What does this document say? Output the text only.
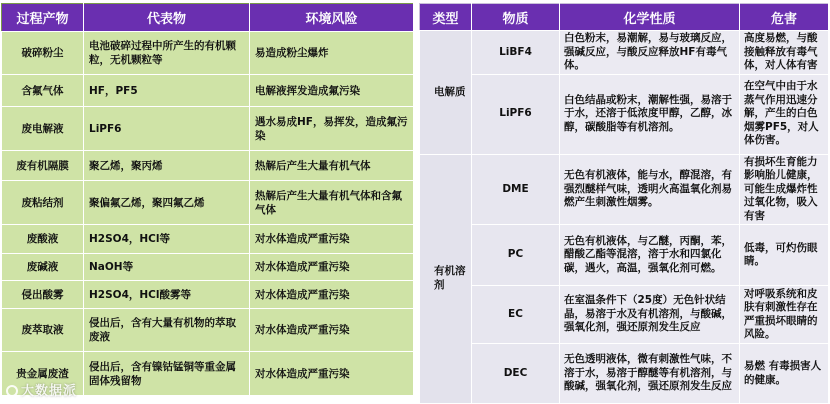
过程产物	代表物	环境风险
破碎粉尘	电池破碎过程中所产生的有机颗粒，无机颗粒等	易造成粉尘爆炸
含氟气体	HF，PF5	电解液挥发造成氟污染
废电解液	LiPF6	遇水易成HF，易挥发，造成氟污染
废有机隔膜	聚乙烯，聚丙烯	热解后产生大量有机气体
废粘结剂	聚偏氟乙烯，聚四氟乙烯	热解后产生大量有机气体和含氟气体
废酸液	H2SO4，HCl等	对水体造成严重污染
废碱液	NaOH等	对水体造成严重污染
侵出酸雾	H2SO4，HCl酸雾等	对水体造成严重污染
废萃取液	侵出后，含有大量有机物的萃取废液	对水体造成严重污染
贵金属废渣	侵出后，含有镍钴锰铜等重金属固体残留物	对水体造成严重污染
类型	物质	化学性质	危害
电解质	LiBF4	白色粉末，易潮解，易与玻璃反应，强碱反应，与酸反应释放HF有毒气体。	高度易燃，与酸接触释放有毒气体，对人体有害
	LiPF6	白色结晶或粉末，潮解性强，易溶于于水，还溶于低浓度甲醇，乙醇，冰醇，碳酸脂等有机溶剂。	在空气中由于水蒸气作用迅速分解，产生的白色烟雾PF5，对人体伤害。
有机溶剂	DME	无色有机液体，能与水，醇混溶，有强烈醚样气味，透明火高温氧化剂易燃产生刺激性烟雾。	有损坏生育能力影响胎儿健康，可能生成爆炸性过氧化物，吸入有害
	PC	无色有机液体，与乙醚，丙酮，苯，醋酸乙酯等混溶，溶于水和四氯化碳，遇火，高温，强氧化剂可燃。	低毒，可灼伤眼睛。
	EC	在室温条件下（25度）无色针状结晶，易溶于水及有机溶剂，与酸碱，强氧化剂，强还原剂发生反应	对呼吸系统和皮肤有刺激性存在严重损坏眼睛的风险。
	DEC	无色透明液体，微有刺激性气味，不溶于水，易溶于醇醚等有机溶剂，与酸碱，强氧化剂，强还原剂发生反应	易燃 有毒损害人的健康。
大数据派
